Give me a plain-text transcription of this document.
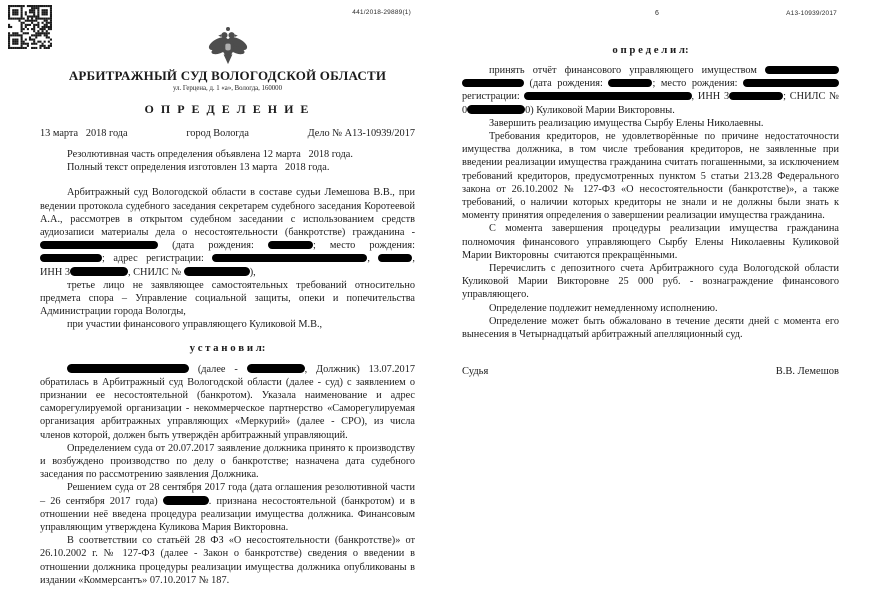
441/2018-29889(1)
АРБИТРАЖНЫЙ СУД ВОЛОГОДСКОЙ ОБЛАСТИ
ул. Герцена, д. 1 «а», Вологда, 160000
О П Р Е Д Е Л Е Н И Е
13 марта   2018 года	город Вологда	Дело № А13-10939/2017

Резолютивная часть определения объявлена 12 марта   2018 года.

Полный текст определения изготовлен 13 марта   2018 года.

Арбитражный суд Вологодской области в составе судьи Лемешова В.В., при ведении протокола судебного заседания секретарем судебного заседания Коротеевой А.А., рассмотрев в открытом судебном заседании с использованием средств аудиозаписи материалы дела о несостоятельности (банкротстве) гражданина -  (дата рождения:	; место рождения: ; адрес регистрации:	,	, ИНН 3	, СНИЛС №	),

третье лицо не заявляющее самостоятельных требований относительно предмета спора – Управление социальной защиты, опеки и попечительства Администрации города Вологды,

при участии финансового управляющего Куликовой М.В.,

у с т а н о в и л:

(далее -	, Должник) 13.07.2017 обратилась в Арбитражный суд Вологодской области (далее - суд) с заявлением о признании ее несостоятельной (банкротом). Указала наименование и адрес саморегулируемой организации - некоммерческое партнерство «Саморегулируемая организация арбитражных управляющих «Меркурий» (далее - СРО), из числа членов которой, должен быть утверждён арбитражный управляющий.

Определением суда от 20.07.2017 заявление должника принято к производству и возбуждено производство по делу о банкротстве; назначена дата судебного заседания по рассмотрению заявления Должника.

Решением суда от 28 сентября 2017 года (дата оглашения резолютивной части – 26 сентября 2017 года)	. признана несостоятельной (банкротом) и в отношении неё введена процедура реализации имущества должника. Финансовым управляющим утверждена Куликова Мария Викторовна.

В соответствии со статьёй 28 ФЗ «О несостоятельности (банкротстве)» от 26.10.2002 г. № 127-ФЗ (далее - Закон о банкротстве) сведения о введении в отношении должника процедуры реализации имущества должника опубликованы в издании «Коммерсантъ» 07.10.2017 № 187.

6	А13-10939/2017
о п р е д е л и л:

принять отчёт финансового управляющего имуществом   (дата рождения:	; место рождения:  регистрации:	, ИНН 3	; СНИЛС № 0	0) Куликовой Марии Викторовны.

Завершить реализацию имущества Сырбу Елены Николаевны.

Требования кредиторов, не удовлетворённые по причине недостаточности имущества должника, в том числе требования кредиторов, не заявленные при введении реализации имущества гражданина считать погашенными, за исключением требований кредиторов, предусмотренных пунктом 5 статьи 213.28 Федерального закона от 26.10.2002 № 127-ФЗ «О несостоятельности (банкротстве)», а также требований, о наличии которых кредиторы не знали и не должны были знать к моменту принятия определения о завершении реализации имущества гражданина.

С момента завершения процедуры реализации имущества гражданина полномочия финансового управляющего Сырбу Елены Николаевны Куликовой Марии Викторовны  считаются прекращёнными.

Перечислить с депозитного счета Арбитражного суда Вологодской области Куликовой Марии Викторовне 25 000 руб. - вознаграждение финансового управляющего.

Определение подлежит немедленному исполнению.

Определение может быть обжаловано в течение десяти дней с момента его вынесения в Четырнадцатый арбитражный апелляционный суд.

Судья	В.В. Лемешов
